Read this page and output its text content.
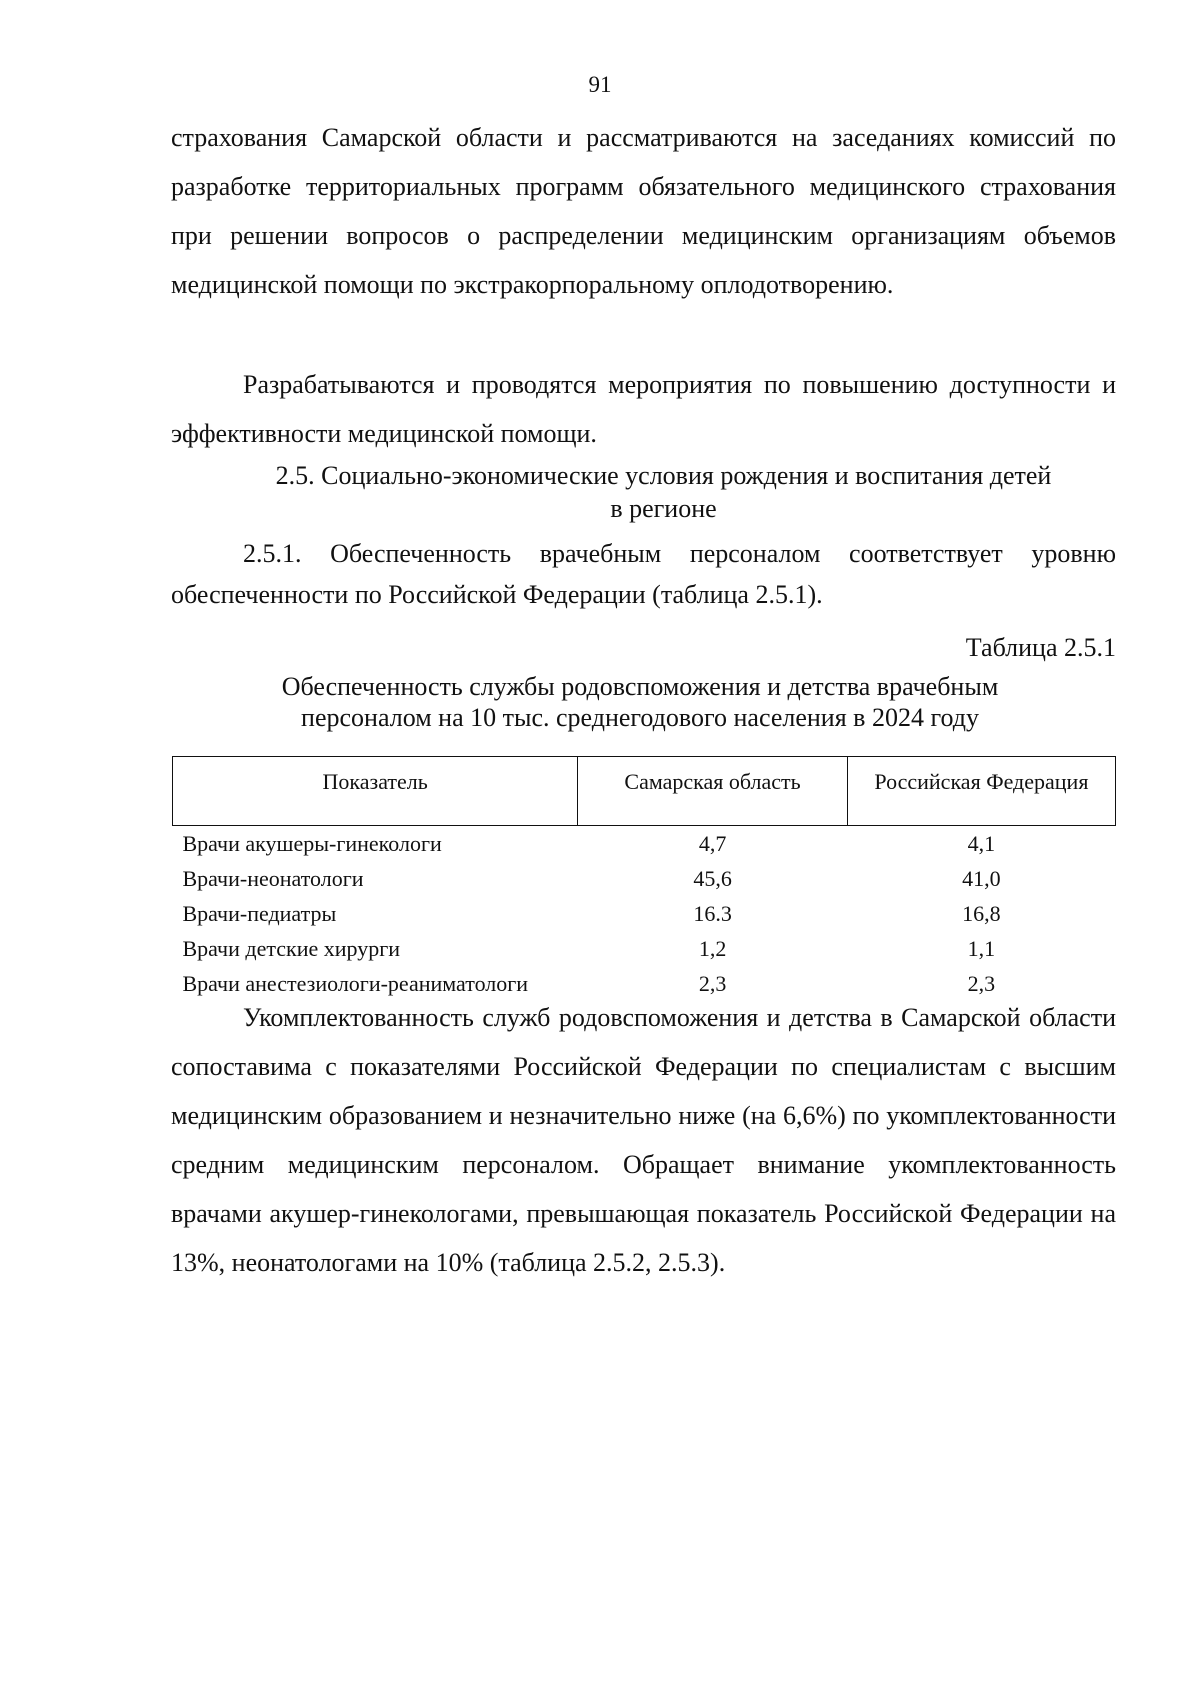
91

страхования Самарской области и рассматриваются на заседаниях комиссий по разработке территориальных программ обязательного медицинского страхования при решении вопросов о распределении медицинским организациям объемов медицинской помощи по экстракорпоральному оплодотворению.

Разрабатываются и проводятся мероприятия по повышению доступности и эффективности медицинской помощи.

2.5. Социально-экономические условия рождения и воспитания детей
в регионе

2.5.1. Обеспеченность врачебным персоналом соответствует уровню обеспеченности по Российской Федерации (таблица 2.5.1).

Таблица 2.5.1
Обеспеченность службы родовспоможения и детства врачебным
персоналом на 10 тыс. среднегодового населения в 2024 году
Показатель	Самарская область	Российская Федерация
Врачи акушеры-гинекологи	4,7	4,1
Врачи-неонатологи	45,6	41,0
Врачи-педиатры	16.3	16,8
Врачи детские хирурги	1,2	1,1
Врачи анестезиологи-реаниматологи	2,3	2,3

Укомплектованность служб родовспоможения и детства в Самарской области сопоставима с показателями Российской Федерации по специалистам с высшим медицинским образованием и незначительно ниже (на 6,6%) по укомплектованности средним медицинским персоналом. Обращает внимание укомплектованность врачами акушер-гинекологами, превышающая показатель Российской Федерации на 13%, неонатологами на 10% (таблица 2.5.2, 2.5.3).
